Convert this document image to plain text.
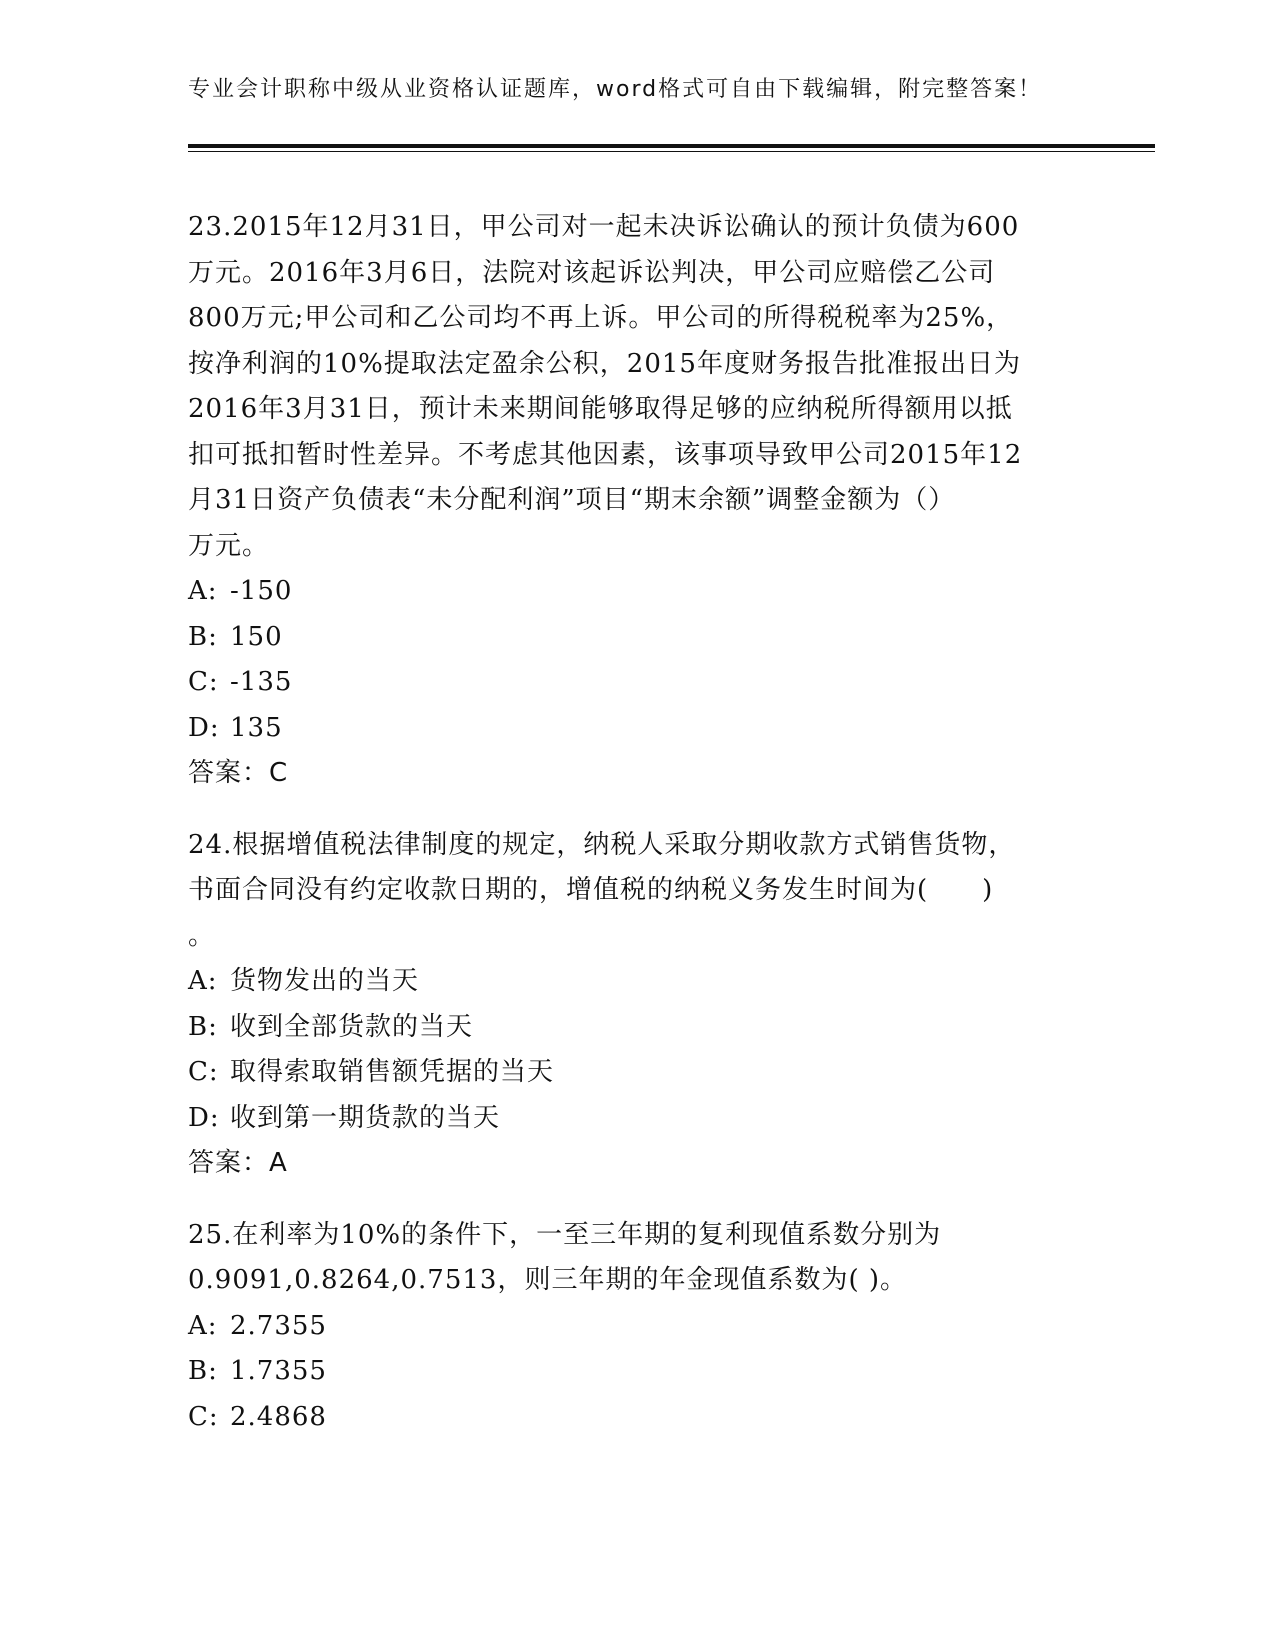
专业会计职称中级从业资格认证题库，word格式可自由下载编辑，附完整答案！
23.2015年12月31日，甲公司对一起未决诉讼确认的预计负债为600
万元。2016年3月6日，法院对该起诉讼判决，甲公司应赔偿乙公司
800万元;甲公司和乙公司均不再上诉。甲公司的所得税税率为25%，
按净利润的10%提取法定盈余公积，2015年度财务报告批准报出日为
2016年3月31日，预计未来期间能够取得足够的应纳税所得额用以抵
扣可抵扣暂时性差异。不考虑其他因素，该事项导致甲公司2015年12
月31日资产负债表“未分配利润”项目“期末余额”调整金额为（）
万元。
A: -150
B: 150
C: -135
D: 135
答案：C
24.根据增值税法律制度的规定，纳税人采取分期收款方式销售货物，
书面合同没有约定收款日期的，增值税的纳税义务发生时间为(　　)
。
A: 货物发出的当天
B: 收到全部货款的当天
C: 取得索取销售额凭据的当天
D: 收到第一期货款的当天
答案：A
25.在利率为10%的条件下，一至三年期的复利现值系数分别为
0.9091,0.8264,0.7513，则三年期的年金现值系数为( )。
A: 2.7355
B: 1.7355
C: 2.4868
